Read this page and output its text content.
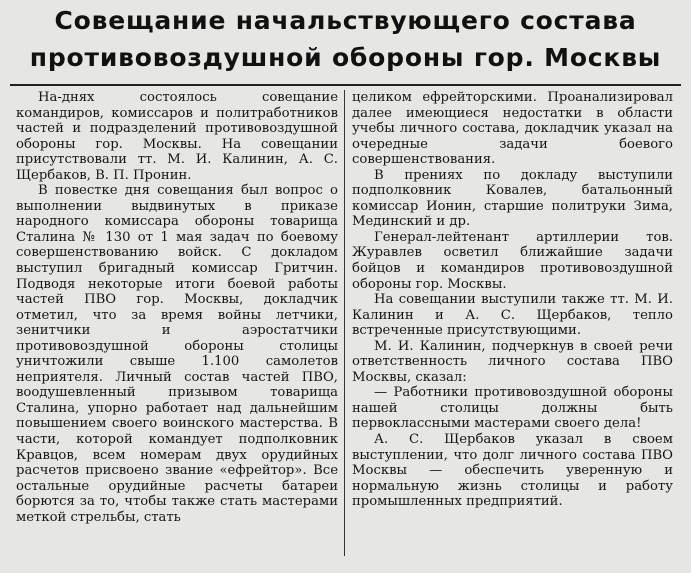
Совещание начальствующего состава
противовоздушной обороны гор. Москвы

На-днях состоялось совещание командиров, комиссаров и политработников частей и подразделений противовоздушной обороны гор. Москвы. На совещании присутствовали тт. М. И. Калинин, А. С. Щербаков, В. П. Пронин.

В повестке дня совещания был вопрос о выполнении выдвинутых в приказе народного комиссара обороны товарища Сталина № 130 от 1 мая задач по боевому совершенствованию войск. С докладом выступил бригадный комиссар Гритчин. Подводя некоторые итоги боевой работы частей ПВО гор. Москвы, докладчик отметил, что за время войны летчики, зенитчики и аэростатчики противовоздушной обороны столицы уничтожили свыше 1.100 самолетов неприятеля. Личный состав частей ПВО, воодушевленный призывом товарища Сталина, упорно работает над дальнейшим повышением своего воинского мастерства. В части, которой командует подполковник Кравцов, всем номерам двух орудийных расчетов присвоено звание «ефрейтор». Все остальные орудийные расчеты батареи борются за то, чтобы также стать мастерами меткой стрельбы, стать

целиком ефрейторскими. Проанализировал далее имеющиеся недостатки в области учебы личного состава, докладчик указал на очередные задачи боевого совершенствования.

В прениях по докладу выступили подполковник Ковалев, батальонный комиссар Ионин, старшие политруки Зима, Мединский и др.

Генерал-лейтенант артиллерии тов. Журавлев осветил ближайшие задачи бойцов и командиров противовоздушной обороны гор. Москвы.

На совещании выступили также тт. М. И. Калинин и А. С. Щербаков, тепло встреченные присутствующими.

М. И. Калинин, подчеркнув в своей речи ответственность личного состава ПВО Москвы, сказал:

— Работники противовоздушной обороны нашей столицы должны быть первоклассными мастерами своего дела!

А. С. Щербаков указал в своем выступлении, что долг личного состава ПВО Москвы — обеспечить уверенную и нормальную жизнь столицы и работу промышленных предприятий.
